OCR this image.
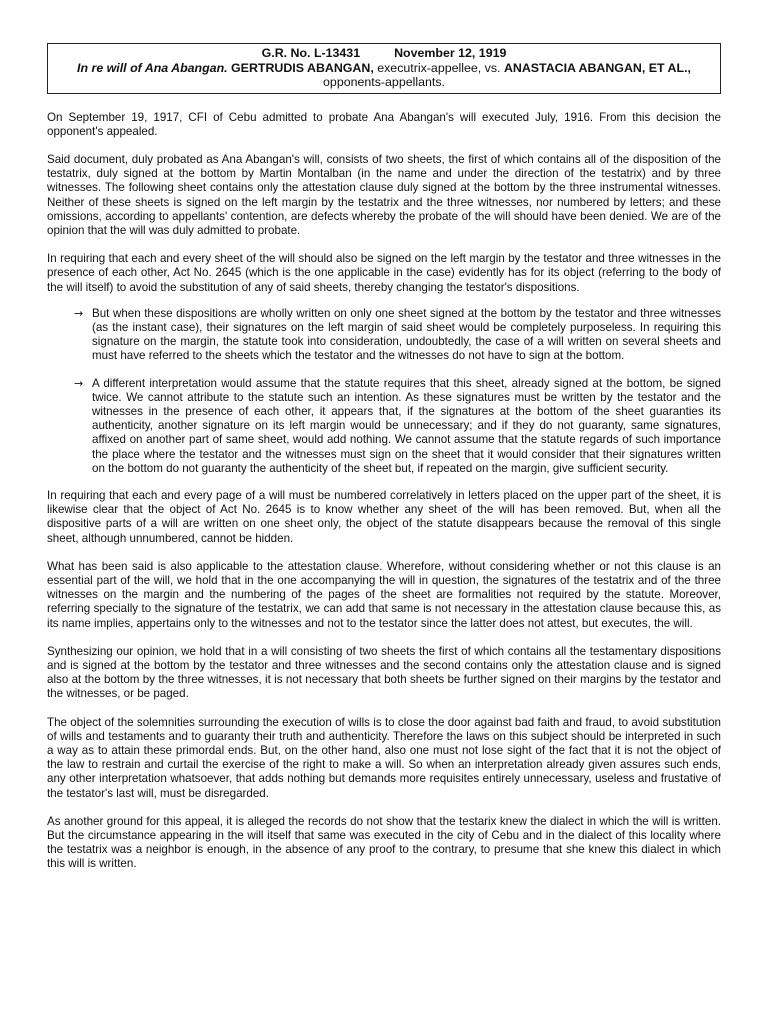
G.R. No. L-13431	November 12, 1919
In re will of Ana Abangan. GERTRUDIS ABANGAN, executrix-appellee, vs. ANASTACIA ABANGAN, ET AL., opponents-appellants.

On September 19, 1917, CFI of Cebu admitted to probate Ana Abangan's will executed July, 1916. From this decision the opponent's appealed.

Said document, duly probated as Ana Abangan's will, consists of two sheets, the first of which contains all of the disposition of the testatrix, duly signed at the bottom by Martin Montalban (in the name and under the direction of the testatrix) and by three witnesses. The following sheet contains only the attestation clause duly signed at the bottom by the three instrumental witnesses. Neither of these sheets is signed on the left margin by the testatrix and the three witnesses, nor numbered by letters; and these omissions, according to appellants' contention, are defects whereby the probate of the will should have been denied. We are of the opinion that the will was duly admitted to probate.

In requiring that each and every sheet of the will should also be signed on the left margin by the testator and three witnesses in the presence of each other, Act No. 2645 (which is the one applicable in the case) evidently has for its object (referring to the body of the will itself) to avoid the substitution of any of said sheets, thereby changing the testator's dispositions.

→ But when these dispositions are wholly written on only one sheet signed at the bottom by the testator and three witnesses (as the instant case), their signatures on the left margin of said sheet would be completely purposeless. In requiring this signature on the margin, the statute took into consideration, undoubtedly, the case of a will written on several sheets and must have referred to the sheets which the testator and the witnesses do not have to sign at the bottom.
→ A different interpretation would assume that the statute requires that this sheet, already signed at the bottom, be signed twice. We cannot attribute to the statute such an intention. As these signatures must be written by the testator and the witnesses in the presence of each other, it appears that, if the signatures at the bottom of the sheet guaranties its authenticity, another signature on its left margin would be unnecessary; and if they do not guaranty, same signatures, affixed on another part of same sheet, would add nothing. We cannot assume that the statute regards of such importance the place where the testator and the witnesses must sign on the sheet that it would consider that their signatures written on the bottom do not guaranty the authenticity of the sheet but, if repeated on the margin, give sufficient security.

In requiring that each and every page of a will must be numbered correlatively in letters placed on the upper part of the sheet, it is likewise clear that the object of Act No. 2645 is to know whether any sheet of the will has been removed. But, when all the dispositive parts of a will are written on one sheet only, the object of the statute disappears because the removal of this single sheet, although unnumbered, cannot be hidden.

What has been said is also applicable to the attestation clause. Wherefore, without considering whether or not this clause is an essential part of the will, we hold that in the one accompanying the will in question, the signatures of the testatrix and of the three witnesses on the margin and the numbering of the pages of the sheet are formalities not required by the statute. Moreover, referring specially to the signature of the testatrix, we can add that same is not necessary in the attestation clause because this, as its name implies, appertains only to the witnesses and not to the testator since the latter does not attest, but executes, the will.

Synthesizing our opinion, we hold that in a will consisting of two sheets the first of which contains all the testamentary dispositions and is signed at the bottom by the testator and three witnesses and the second contains only the attestation clause and is signed also at the bottom by the three witnesses, it is not necessary that both sheets be further signed on their margins by the testator and the witnesses, or be paged.

The object of the solemnities surrounding the execution of wills is to close the door against bad faith and fraud, to avoid substitution of wills and testaments and to guaranty their truth and authenticity. Therefore the laws on this subject should be interpreted in such a way as to attain these primordal ends. But, on the other hand, also one must not lose sight of the fact that it is not the object of the law to restrain and curtail the exercise of the right to make a will. So when an interpretation already given assures such ends, any other interpretation whatsoever, that adds nothing but demands more requisites entirely unnecessary, useless and frustative of the testator's last will, must be disregarded.

As another ground for this appeal, it is alleged the records do not show that the testarix knew the dialect in which the will is written. But the circumstance appearing in the will itself that same was executed in the city of Cebu and in the dialect of this locality where the testatrix was a neighbor is enough, in the absence of any proof to the contrary, to presume that she knew this dialect in which this will is written.
